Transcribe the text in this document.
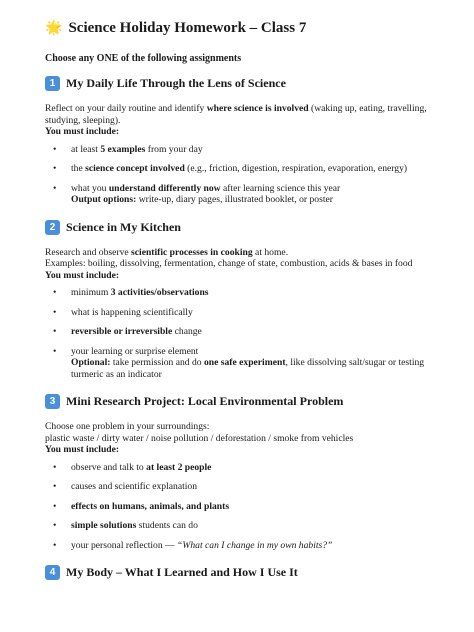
🌟 Science Holiday Homework – Class 7
Choose any ONE of the following assignments
1 My Daily Life Through the Lens of Science
Reflect on your daily routine and identify where science is involved (waking up, eating, travelling, studying, sleeping).
You must include:
• at least 5 examples from your day
• the science concept involved (e.g., friction, digestion, respiration, evaporation, energy)
• what you understand differently now after learning science this year
Output options: write-up, diary pages, illustrated booklet, or poster
2 Science in My Kitchen
Research and observe scientific processes in cooking at home.
Examples: boiling, dissolving, fermentation, change of state, combustion, acids & bases in food
You must include:
• minimum 3 activities/observations
• what is happening scientifically
• reversible or irreversible change
• your learning or surprise element
Optional: take permission and do one safe experiment, like dissolving salt/sugar or testing turmeric as an indicator
3 Mini Research Project: Local Environmental Problem
Choose one problem in your surroundings:
plastic waste / dirty water / noise pollution / deforestation / smoke from vehicles
You must include:
• observe and talk to at least 2 people
• causes and scientific explanation
• effects on humans, animals, and plants
• simple solutions students can do
• your personal reflection — “What can I change in my own habits?”
4 My Body – What I Learned and How I Use It
